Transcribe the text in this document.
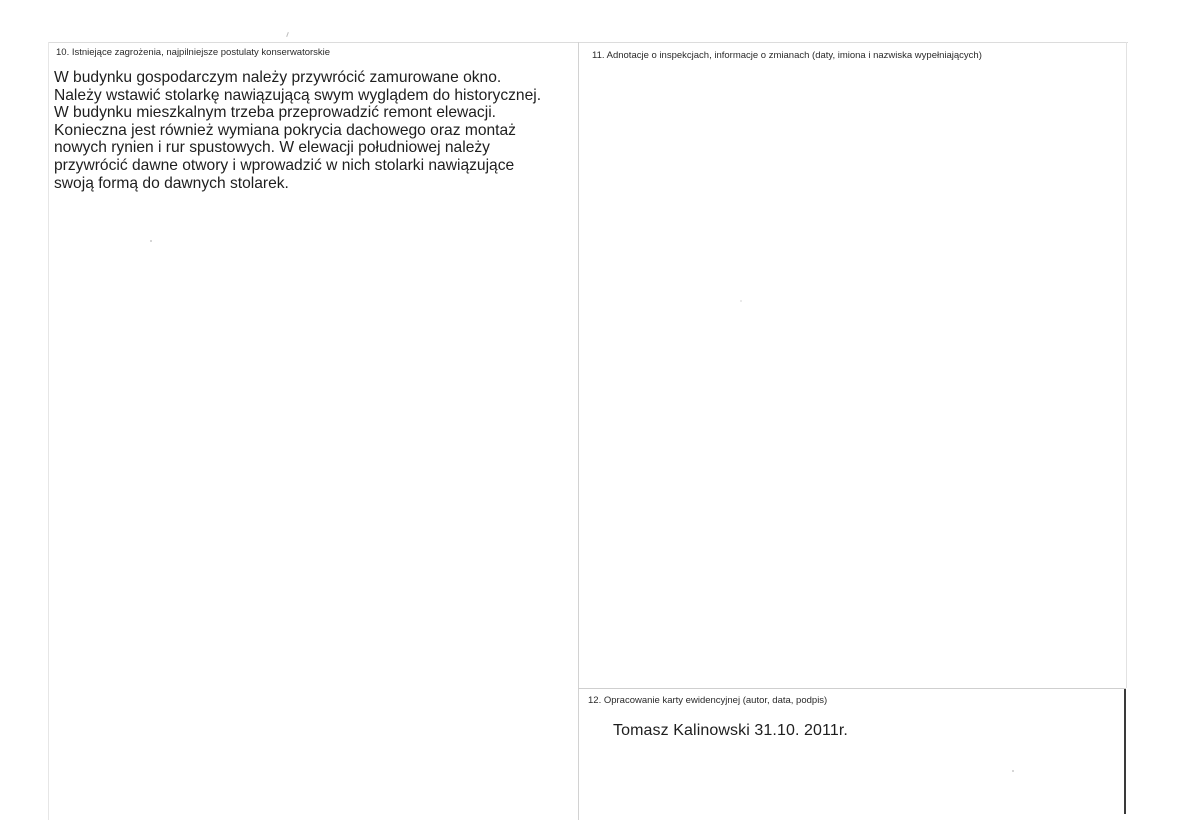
10. Istniejące zagrożenia, najpilniejsze postulaty konserwatorskie
W budynku gospodarczym należy przywrócić zamurowane okno.
Należy wstawić stolarkę nawiązującą swym wyglądem do historycznej.
W budynku mieszkalnym trzeba przeprowadzić remont elewacji.
Konieczna jest również wymiana pokrycia dachowego oraz montaż
nowych rynien i rur spustowych. W elewacji południowej należy
przywrócić dawne otwory i wprowadzić w nich stolarki nawiązujące
swoją formą do dawnych stolarek.
11. Adnotacje o inspekcjach, informacje o zmianach (daty, imiona i nazwiska wypełniających)
12. Opracowanie karty ewidencyjnej (autor, data, podpis)
Tomasz Kalinowski 31.10. 2011r.
